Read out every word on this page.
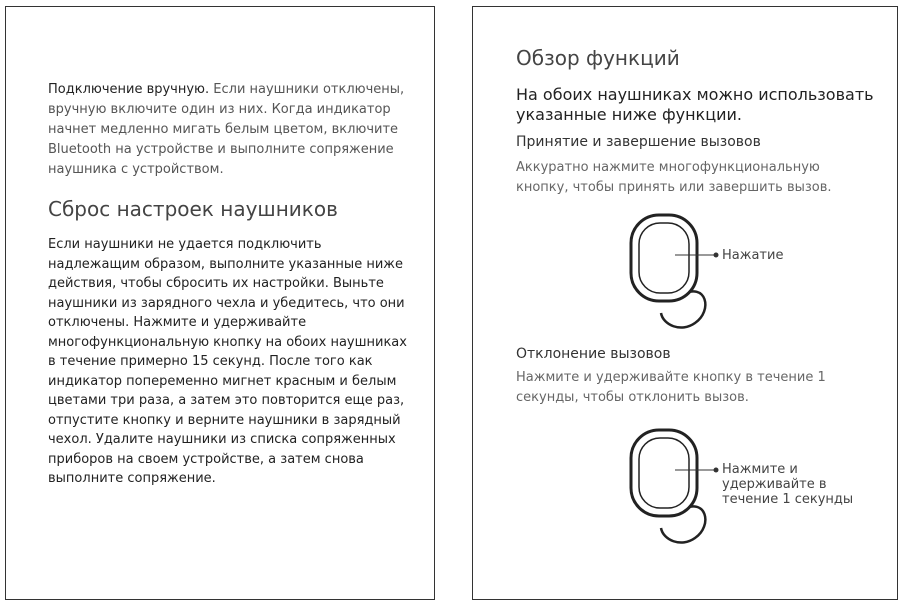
Подключение вручную. Если наушники отключены, вручную включите один из них. Когда индикатор начнет медленно мигать белым цветом, включите Bluetooth на устройстве и выполните сопряжение наушника с устройством.

Сброс настроек наушников

Если наушники не удается подключить надлежащим образом, выполните указанные ниже действия, чтобы сбросить их настройки. Выньте наушники из зарядного чехла и убедитесь, что они отключены. Нажмите и удерживайте многофункциональную кнопку на обоих наушниках в течение примерно 15 секунд. После того как индикатор попеременно мигнет красным и белым цветами три раза, а затем это повторится еще раз, отпустите кнопку и верните наушники в зарядный чехол. Удалите наушники из списка сопряженных приборов на своем устройстве, а затем снова выполните сопряжение.

Обзор функций

На обоих наушниках можно использовать указанные ниже функции.

Принятие и завершение вызовов

Аккуратно нажмите многофункциональную кнопку, чтобы принять или завершить вызов.

Нажатие
Отклонение вызовов

Нажмите и удерживайте кнопку в течение 1 секунды, чтобы отклонить вызов.

Нажмите и
удерживайте в
течение 1 секунды
